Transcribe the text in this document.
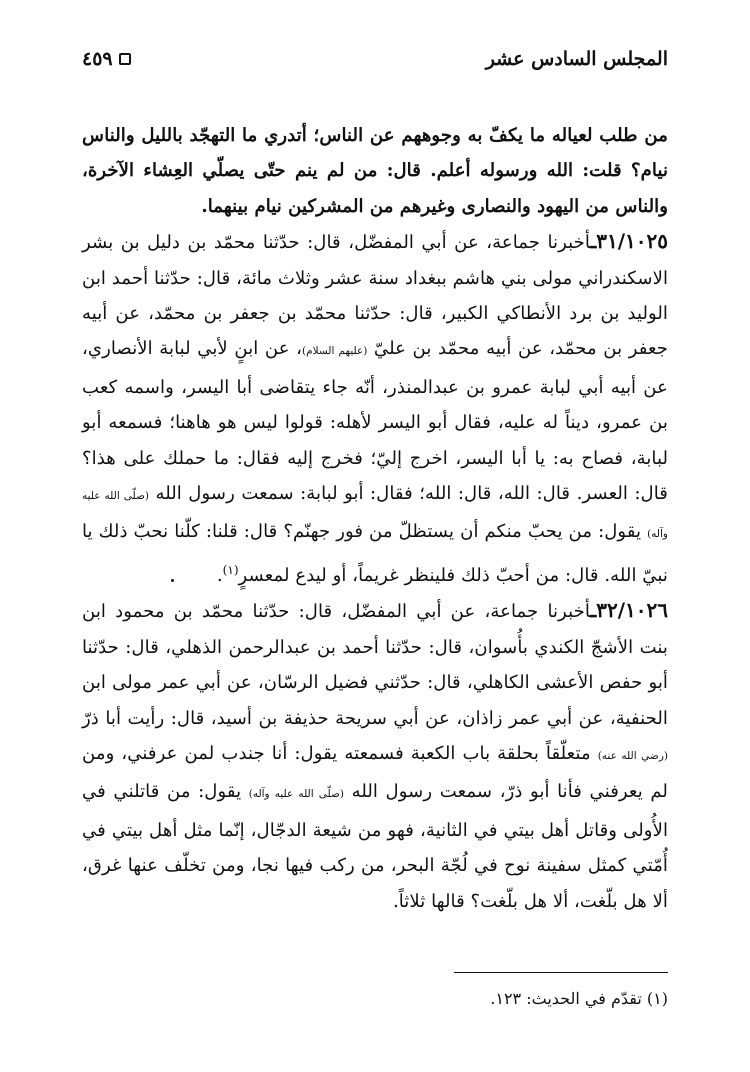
المجلس السادس عشر
٤٥٩

من طلب لعياله ما يكفّ به وجوههم عن الناس؛ أتدري ما التهجّد بالليل والناس نيام؟ قلت: الله ورسوله أعلم. قال: من لم ينم حتّى يصلّي العِشاء الآخرة، والناس من اليهود والنصارى وغيرهم من المشركين نيام بينهما.

٣١/١٠٢٥ـأخبرنا جماعة، عن أبي المفضّل، قال: حدّثنا محمّد بن دليل بن بشر الاسكندراني مولى بني هاشم ببغداد سنة عشر وثلاث مائة، قال: حدّثنا أحمد ابن الوليد بن برد الأنطاكي الكبير، قال: حدّثنا محمّد بن جعفر بن محمّد، عن أبيه جعفر بن محمّد، عن أبيه محمّد بن عليّ (عليهم السلام)، عن ابنٍ لأبي لبابة الأنصاري، عن أبيه أبي لبابة عمرو بن عبدالمنذر، أنّه جاء يتقاضى أبا اليسر، واسمه كعب بن عمرو، ديناً له عليه، فقال أبو اليسر لأهله: قولوا ليس هو هاهنا؛ فسمعه أبو لبابة، فصاح به: يا أبا اليسر، اخرج إليّ؛ فخرج إليه فقال: ما حملك على هذا؟ قال: العسر. قال: الله، قال: الله؛ فقال: أبو لبابة: سمعت رسول الله (صلّى الله عليه وآله) يقول: من يحبّ منكم أن يستظلّ من فور جهنّم؟ قال: قلنا: كلّنا نحبّ ذلك يا نبيّ الله. قال: من أحبّ ذلك فلينظر غريماً، أو ليدع لمعسرٍ$^{(١)}$.

٣٢/١٠٢٦ـأخبرنا جماعة، عن أبي المفضّل، قال: حدّثنا محمّد بن محمود ابن بنت الأشجّ الكندي بأُسوان، قال: حدّثنا أحمد بن عبدالرحمن الذهلي، قال: حدّثنا أبو حفص الأعشى الكاهلي، قال: حدّثني فضيل الرسّان، عن أبي عمر مولى ابن الحنفية، عن أبي عمر زاذان، عن أبي سريحة حذيفة بن أسيد، قال: رأيت أبا ذرّ (رضي الله عنه) متعلّقاً بحلقة باب الكعبة فسمعته يقول: أنا جندب لمن عرفني، ومن لم يعرفني فأنا أبو ذرّ، سمعت رسول الله (صلّى الله عليه وآله) يقول: من قاتلني في الأُولى وقاتل أهل بيتي في الثانية، فهو من شيعة الدجّال، إنّما مثل أهل بيتي في أُمّتي كمثل سفينة نوح في لُجّة البحر، من ركب فيها نجا، ومن تخلّف عنها غرق، ألا هل بلّغت، ألا هل بلّغت؟ قالها ثلاثاً.

(١) تقدّم في الحديث: ١٢٣.
